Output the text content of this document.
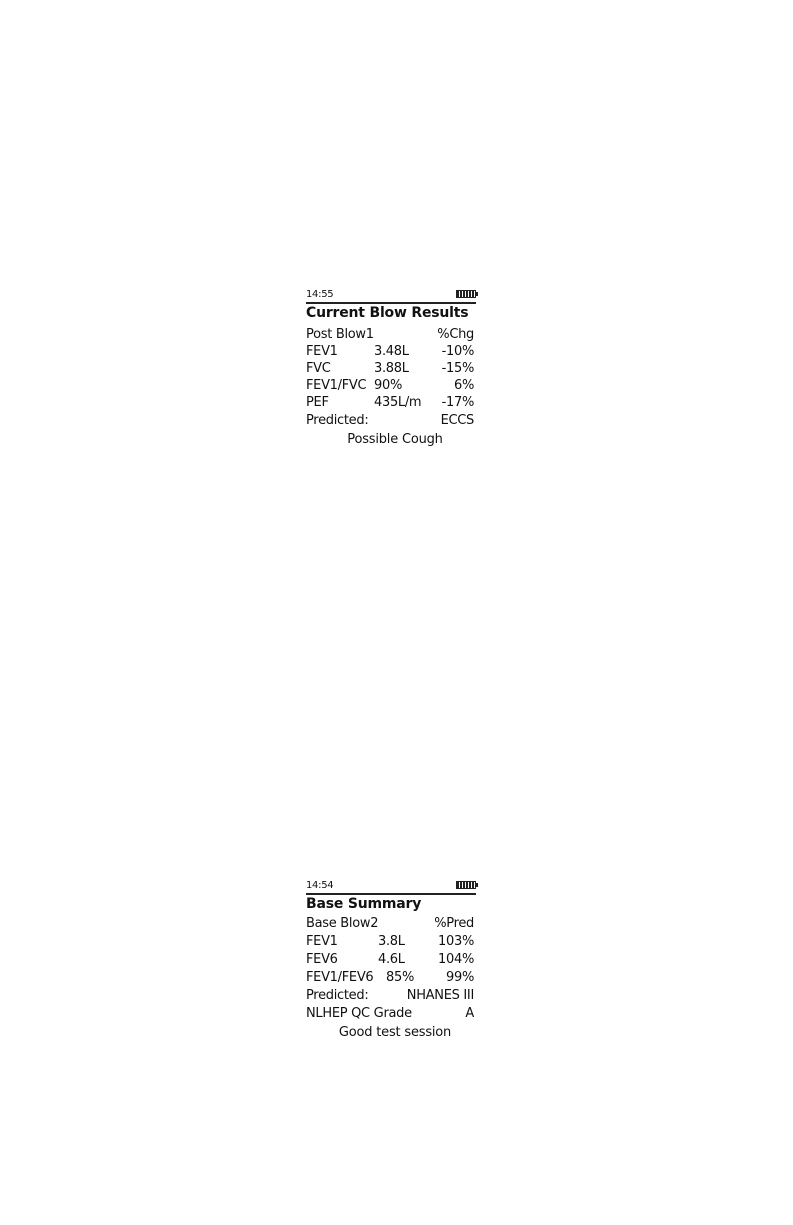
14:55
Current Blow Results
Post Blow1	%Chg
FEV1	3.48L	-10%
FVC	3.88L	-15%
FEV1/FVC 90%	6%
PEF	435L/m -17%
Predicted:	ECCS
Possible Cough
14:54
Base Summary
Base Blow2	%Pred
FEV1	3.8L	103%
FEV6	4.6L	104%
FEV1/FEV6 85% 99%
Predicted:	NHANES III
NLHEP QC Grade	A
Good test session
